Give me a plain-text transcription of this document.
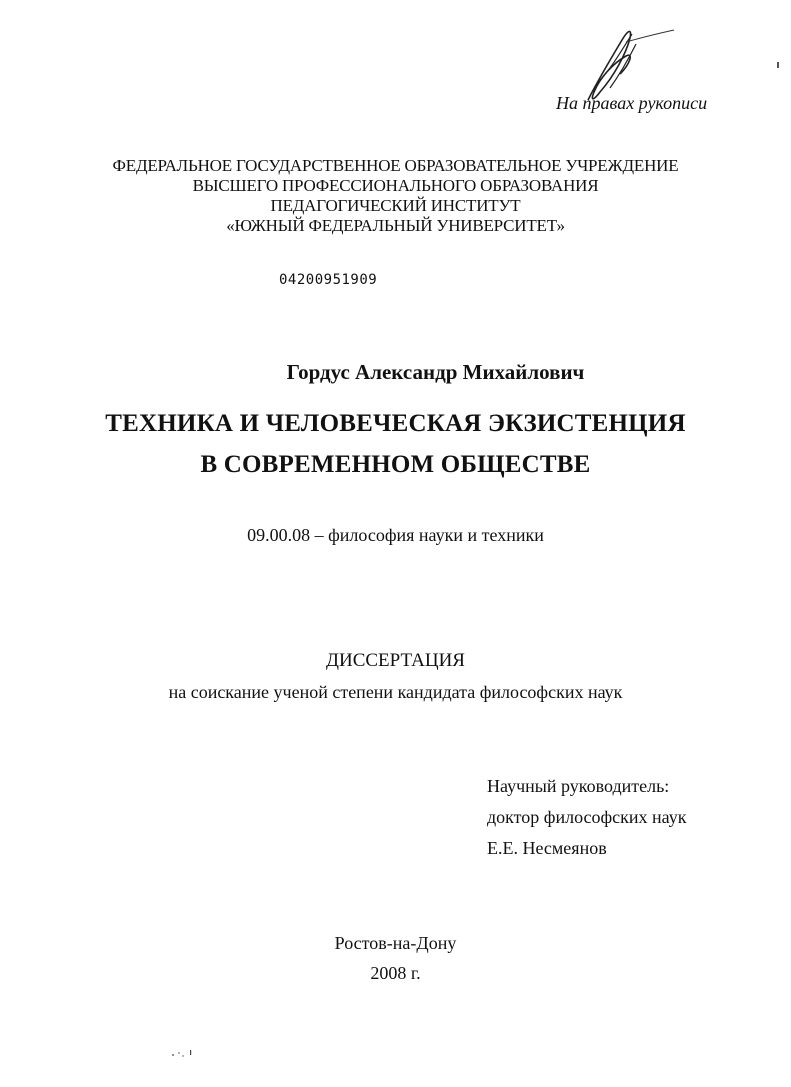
На правах рукописи
ФЕДЕРАЛЬНОЕ ГОСУДАРСТВЕННОЕ ОБРАЗОВАТЕЛЬНОЕ УЧРЕЖДЕНИЕ
ВЫСШЕГО ПРОФЕССИОНАЛЬНОГО ОБРАЗОВАНИЯ
ПЕДАГОГИЧЕСКИЙ ИНСТИТУТ
«ЮЖНЫЙ ФЕДЕРАЛЬНЫЙ УНИВЕРСИТЕТ»
04200951909
Гордус Александр Михайлович
ТЕХНИКА И ЧЕЛОВЕЧЕСКАЯ ЭКЗИСТЕНЦИЯ
В СОВРЕМЕННОМ ОБЩЕСТВЕ
09.00.08 – философия науки и техники
ДИССЕРТАЦИЯ
на соискание ученой степени кандидата философских наук
Научный руководитель:
доктор философских наук
Е.Е. Несмеянов
Ростов-на-Дону
2008 г.
